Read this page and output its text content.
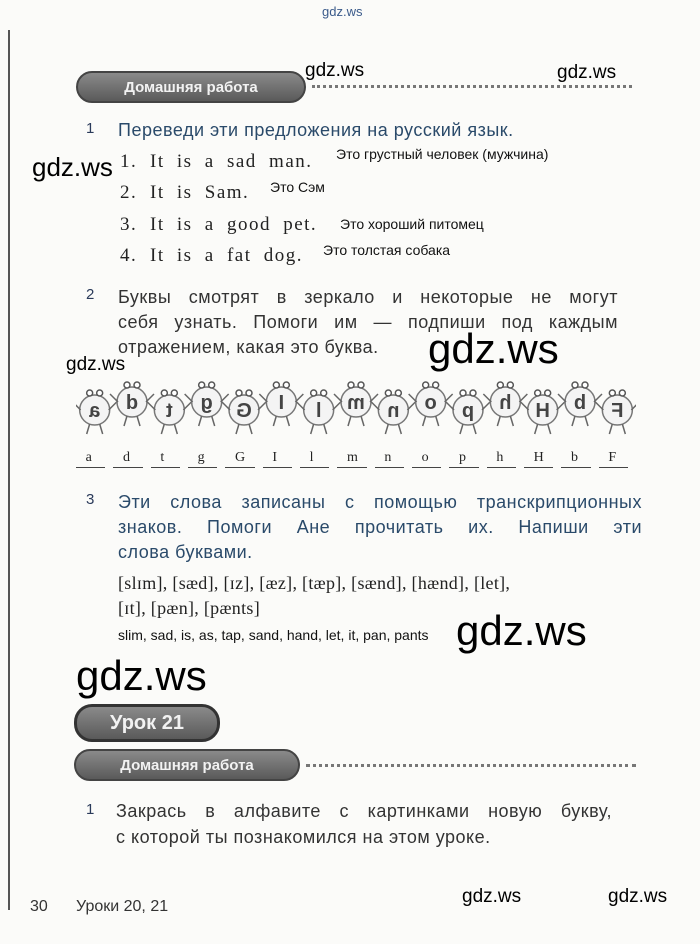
gdz.ws
gdz.ws	gdz.ws
gdz.ws
gdz.ws	gdz.ws
gdz.ws
gdz.ws
gdz.ws	gdz.ws
Домашняя работа
1 Переведи эти предложения на русский язык.
1. It is a sad man. Это грустный человек (мужчина)
2. It is Sam. Это Сэм
3. It is a good pet. Это хороший питомец
4. It is a fat dog. Это толстая собака
2 Буквы смотрят в зеркало и некоторые не могут
себя узнать. Помоги им — подпиши под каждым
отражением, какая это буква.
a d t g G I l m n o p h H b F
a d t g G I l m n o p h H b F
3 Эти слова записаны с помощью транскрипционных
знаков. Помоги Ане прочитать их. Напиши эти
слова буквами.
[slɪm], [sæd], [ɪz], [æz], [tæp], [sænd], [hænd], [let],
[ɪt], [pæn], [pænts]
slim, sad, is, as, tap, sand, hand, let, it, pan, pants
Урок 21
Домашняя работа
1 Закрась в алфавите с картинками новую букву,
с которой ты познакомился на этом уроке.
30 Уроки 20, 21
